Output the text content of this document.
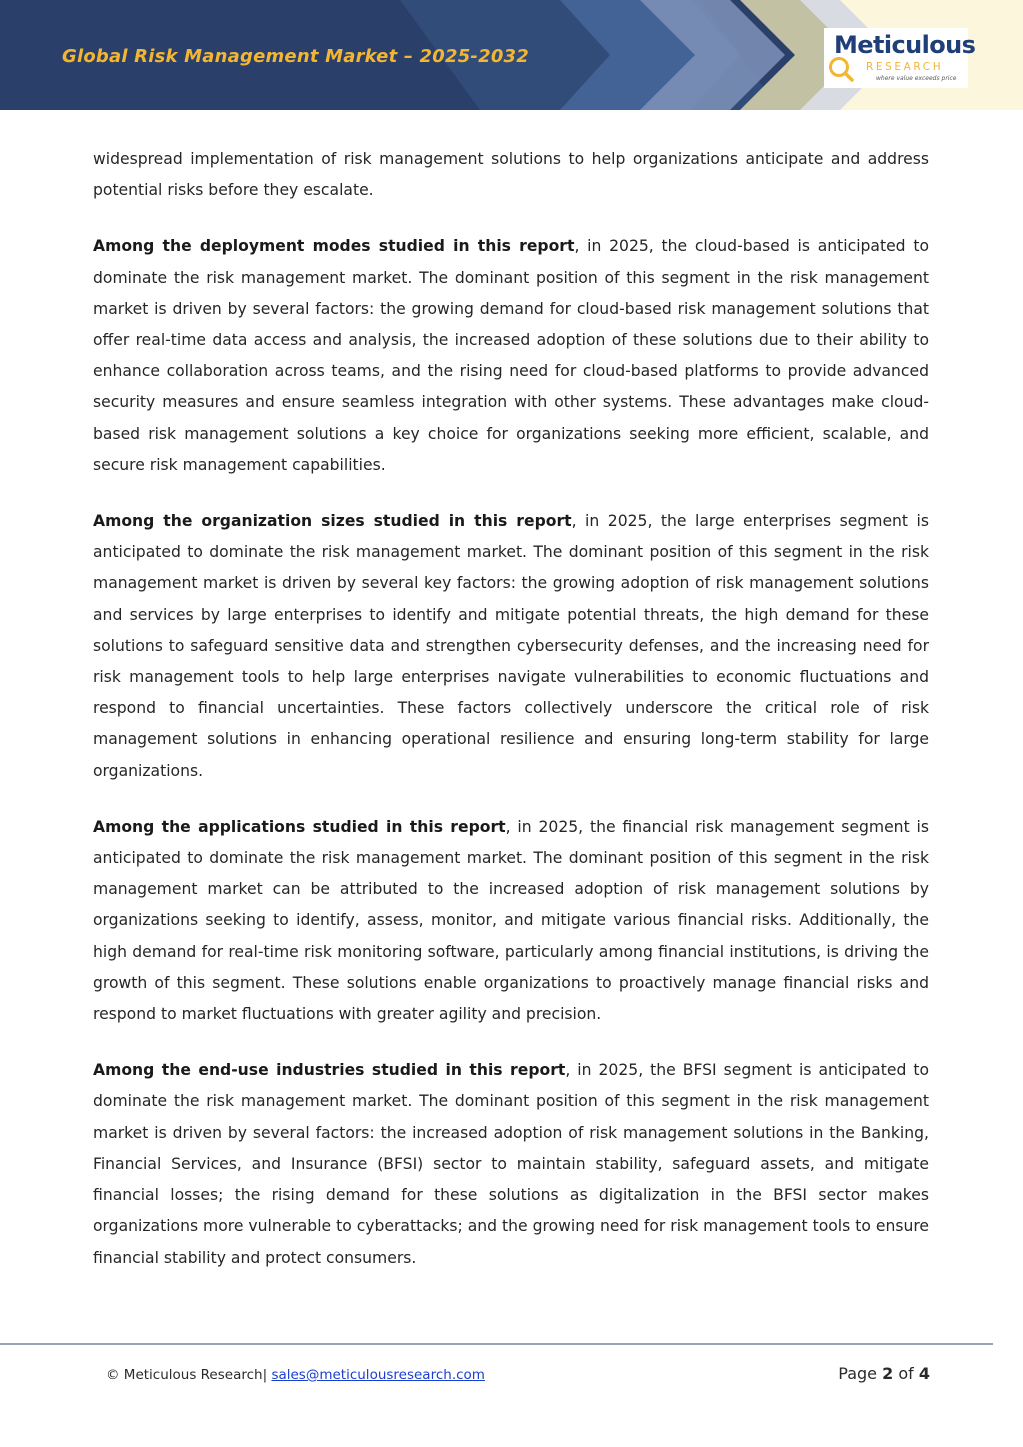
Global Risk Management Market – 2025-2032	Meticulous
RESEARCH
where value exceeds price

widespread implementation of risk management solutions to help organizations anticipate and address potential risks before they escalate.

Among the deployment modes studied in this report, in 2025, the cloud-based is anticipated to dominate the risk management market. The dominant position of this segment in the risk management market is driven by several factors: the growing demand for cloud-based risk management solutions that offer real-time data access and analysis, the increased adoption of these solutions due to their ability to enhance collaboration across teams, and the rising need for cloud-based platforms to provide advanced security measures and ensure seamless integration with other systems. These advantages make cloud-based risk management solutions a key choice for organizations seeking more efficient, scalable, and secure risk management capabilities.

Among the organization sizes studied in this report, in 2025, the large enterprises segment is anticipated to dominate the risk management market. The dominant position of this segment in the risk management market is driven by several key factors: the growing adoption of risk management solutions and services by large enterprises to identify and mitigate potential threats, the high demand for these solutions to safeguard sensitive data and strengthen cybersecurity defenses, and the increasing need for risk management tools to help large enterprises navigate vulnerabilities to economic fluctuations and respond to financial uncertainties. These factors collectively underscore the critical role of risk management solutions in enhancing operational resilience and ensuring long-term stability for large organizations.

Among the applications studied in this report, in 2025, the financial risk management segment is anticipated to dominate the risk management market. The dominant position of this segment in the risk management market can be attributed to the increased adoption of risk management solutions by organizations seeking to identify, assess, monitor, and mitigate various financial risks. Additionally, the high demand for real-time risk monitoring software, particularly among financial institutions, is driving the growth of this segment. These solutions enable organizations to proactively manage financial risks and respond to market fluctuations with greater agility and precision.

Among the end-use industries studied in this report, in 2025, the BFSI segment is anticipated to dominate the risk management market. The dominant position of this segment in the risk management market is driven by several factors: the increased adoption of risk management solutions in the Banking, Financial Services, and Insurance (BFSI) sector to maintain stability, safeguard assets, and mitigate financial losses; the rising demand for these solutions as digitalization in the BFSI sector makes organizations more vulnerable to cyberattacks; and the growing need for risk management tools to ensure financial stability and protect consumers.

© Meticulous Research| sales@meticulousresearch.com	Page 2 of 4
